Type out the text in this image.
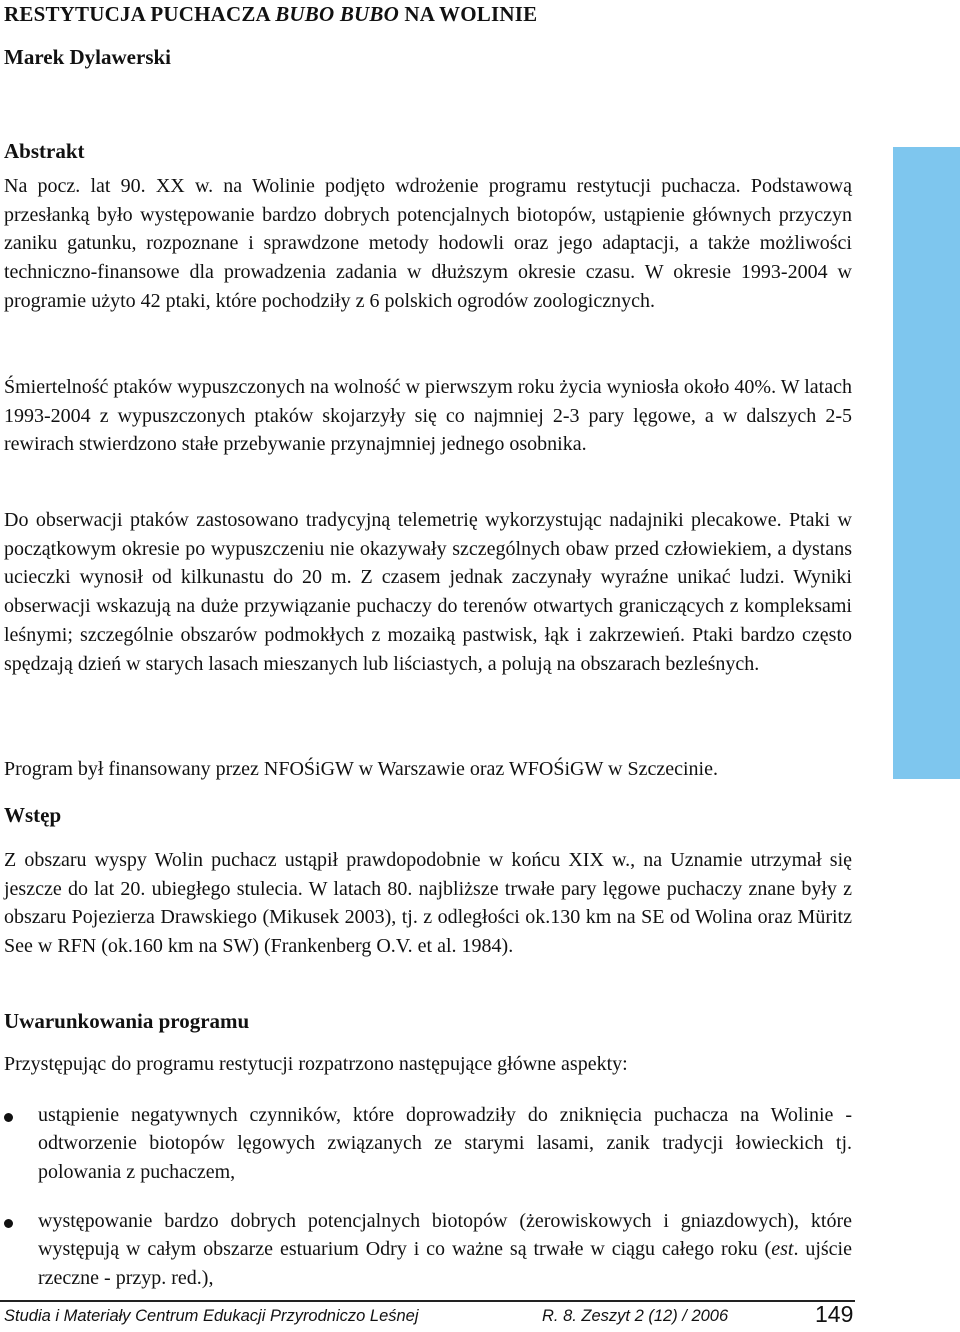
RESTYTUCJA PUCHACZA BUBO BUBO NA WOLINIE
Marek Dylawerski
Abstrakt

Na pocz. lat 90. XX w. na Wolinie podjęto wdrożenie programu restytucji puchacza. Podstawową przesłanką było występowanie bardzo dobrych potencjalnych biotopów, ustąpienie głównych przyczyn zaniku gatunku, rozpoznane i sprawdzone metody hodowli oraz jego adaptacji, a także możliwości techniczno-finansowe dla prowadzenia zadania w dłuższym okresie czasu. W okresie 1993-2004 w programie użyto 42 ptaki, które pochodziły z 6 polskich ogrodów zoologicznych.

Śmiertelność ptaków wypuszczonych na wolność w pierwszym roku życia wyniosła około 40%. W latach 1993-2004 z wypuszczonych ptaków skojarzyły się co najmniej 2-3 pary lęgowe, a w dalszych 2-5 rewirach stwierdzono stałe przebywanie przynajmniej jednego osobnika.

Do obserwacji ptaków zastosowano tradycyjną telemetrię wykorzystując nadajniki plecakowe. Ptaki w początkowym okresie po wypuszczeniu nie okazywały szczególnych obaw przed człowiekiem, a dystans ucieczki wynosił od kilkunastu do 20 m. Z czasem jednak zaczynały wyraźne unikać ludzi. Wyniki obserwacji wskazują na duże przywiązanie puchaczy do terenów otwartych graniczących z kompleksami leśnymi; szczególnie obszarów podmokłych z mozaiką pastwisk, łąk i zakrzewień. Ptaki bardzo często spędzają dzień w starych lasach mieszanych lub liściastych, a polują na obszarach bezleśnych.

Program był finansowany przez NFOŚiGW w Warszawie oraz WFOŚiGW w Szczecinie.

Wstęp

Z obszaru wyspy Wolin puchacz ustąpił prawdopodobnie w końcu XIX w., na Uznamie utrzymał się jeszcze do lat 20. ubiegłego stulecia. W latach 80. najbliższe trwałe pary lęgowe puchaczy znane były z obszaru Pojezierza Drawskiego (Mikusek 2003), tj. z odległości ok.130 km na SE od Wolina oraz Müritz See w RFN (ok.160 km na SW) (Frankenberg O.V. et al. 1984).

Uwarunkowania programu

Przystępując do programu restytucji rozpatrzono następujące główne aspekty:

ustąpienie negatywnych czynników, które doprowadziły do zniknięcia puchacza na Wolinie - odtworzenie biotopów lęgowych związanych ze starymi lasami, zanik tradycji łowieckich tj. polowania z puchaczem,

występowanie bardzo dobrych potencjalnych biotopów (żerowiskowych i gniazdowych), które występują w całym obszarze estuarium Odry i co ważne są trwałe w ciągu całego roku (est. ujście rzeczne - przyp. red.),

Studia i Materiały Centrum Edukacji Przyrodniczo Leśnej	R. 8. Zeszyt 2 (12) / 2006	149
